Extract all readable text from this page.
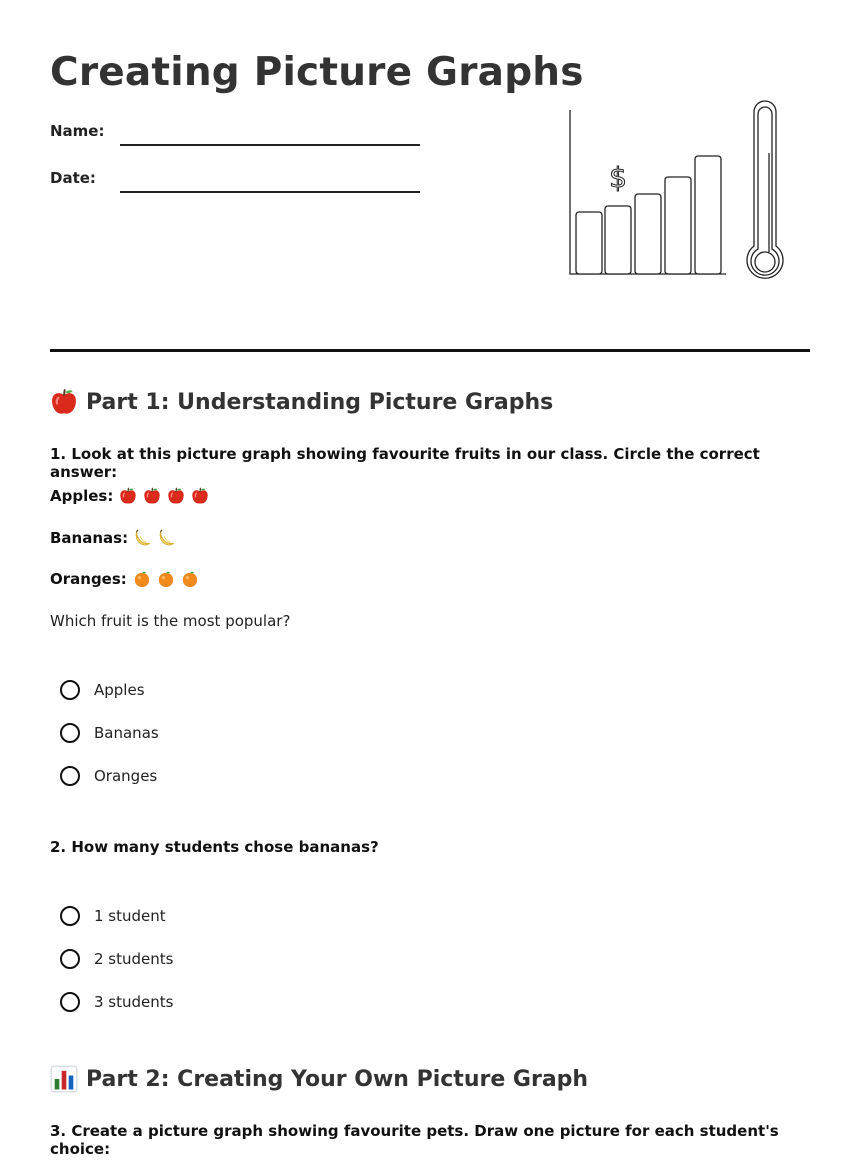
Creating Picture Graphs
Name:
Date:	$
Part 1: Understanding Picture Graphs

1. Look at this picture graph showing favourite fruits in our class. Circle the correct answer:

Apples:
Bananas:
Oranges:

Which fruit is the most popular?

Apples
Bananas
Oranges

2. How many students chose bananas?

1 student
2 students
3 students
Part 2: Creating Your Own Picture Graph

3. Create a picture graph showing favourite pets. Draw one picture for each student's choice:
